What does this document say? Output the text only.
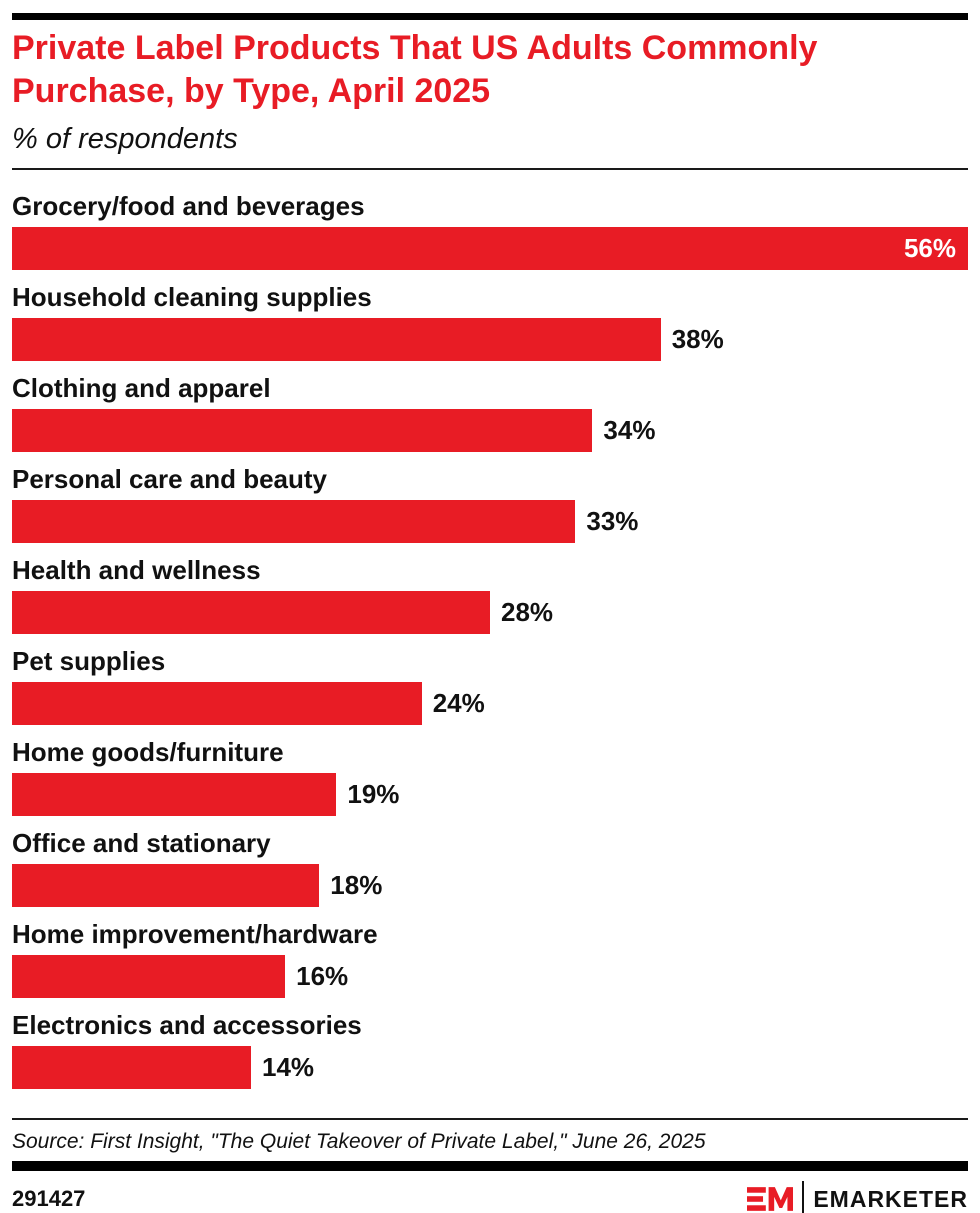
Private Label Products That US Adults Commonly Purchase, by Type, April 2025
% of respondents
Grocery/food and beverages
56%
Household cleaning supplies
38%
Clothing and apparel
34%
Personal care and beauty
33%
Health and wellness
28%
Pet supplies
24%
Home goods/furniture
19%
Office and stationary
18%
Home improvement/hardware
16%
Electronics and accessories
14%
Source: First Insight, "The Quiet Takeover of Private Label," June 26, 2025
291427	EMARKETER
